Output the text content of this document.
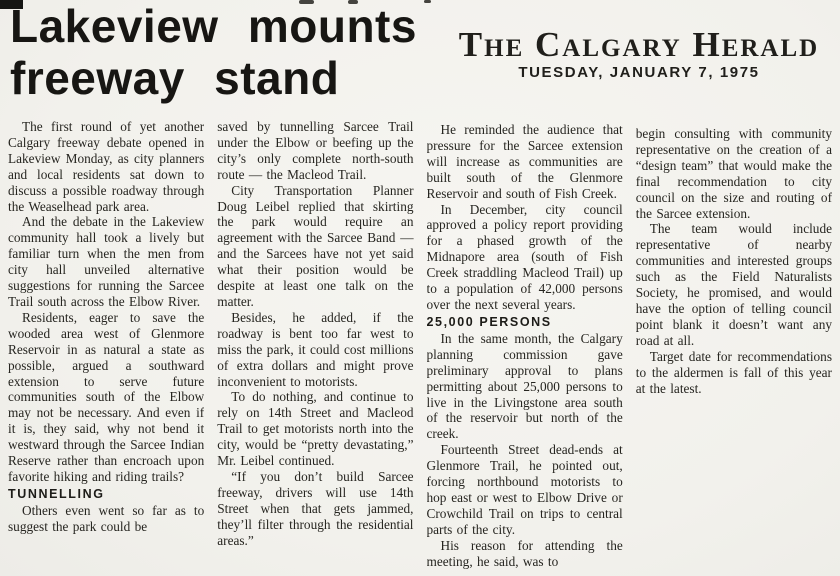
Lakeview mounts
freeway stand
The Calgary Herald
TUESDAY, JANUARY 7, 1975

The first round of yet another Calgary freeway debate opened in Lakeview Monday, as city planners and local residents sat down to discuss a possible roadway through the Weaselhead park area.

And the debate in the Lakeview community hall took a lively but familiar turn when the men from city hall unveiled alternative suggestions for running the Sarcee Trail south across the Elbow River.

Residents, eager to save the wooded area west of Glenmore Reservoir in as natural a state as possible, argued a southward extension to serve future communities south of the Elbow may not be necessary. And even if it is, they said, why not bend it westward through the Sarcee Indian Reserve rather than encroach upon favorite hiking and riding trails?

TUNNELLING

Others even went so far as to suggest the park could be

saved by tunnelling Sarcee Trail under the Elbow or beefing up the city’s only complete north-south route — the Macleod Trail.

City Transportation Planner Doug Leibel replied that skirting the park would require an agreement with the Sarcee Band — and the Sarcees have not yet said what their position would be despite at least one talk on the matter.

Besides, he added, if the roadway is bent too far west to miss the park, it could cost millions of extra dollars and might prove inconvenient to motorists.

To do nothing, and continue to rely on 14th Street and Macleod Trail to get motorists north into the city, would be “pretty devastating,” Mr. Leibel continued.

“If you don’t build Sarcee freeway, drivers will use 14th Street when that gets jammed, they’ll filter through the residential areas.”

He reminded the audience that pressure for the Sarcee extension will increase as communities are built south of the Glenmore Reservoir and south of Fish Creek.

In December, city council approved a policy report providing for a phased growth of the Midnapore area (south of Fish Creek straddling Macleod Trail) up to a population of 42,000 persons over the next several years.

25,000 PERSONS

In the same month, the Calgary planning commission gave preliminary approval to plans permitting about 25,000 persons to live in the Livingstone area south of the reservoir but north of the creek.

Fourteenth Street dead-ends at Glenmore Trail, he pointed out, forcing northbound motorists to hop east or west to Elbow Drive or Crowchild Trail on trips to central parts of the city.

His reason for attending the meeting, he said, was to

begin consulting with community representative on the creation of a “design team” that would make the final recommendation to city council on the size and routing of the Sarcee extension.

The team would include representative of nearby communities and interested groups such as the Field Naturalists Society, he promised, and would have the option of telling council point blank it doesn’t want any road at all.

Target date for recommendations to the aldermen is fall of this year at the latest.
